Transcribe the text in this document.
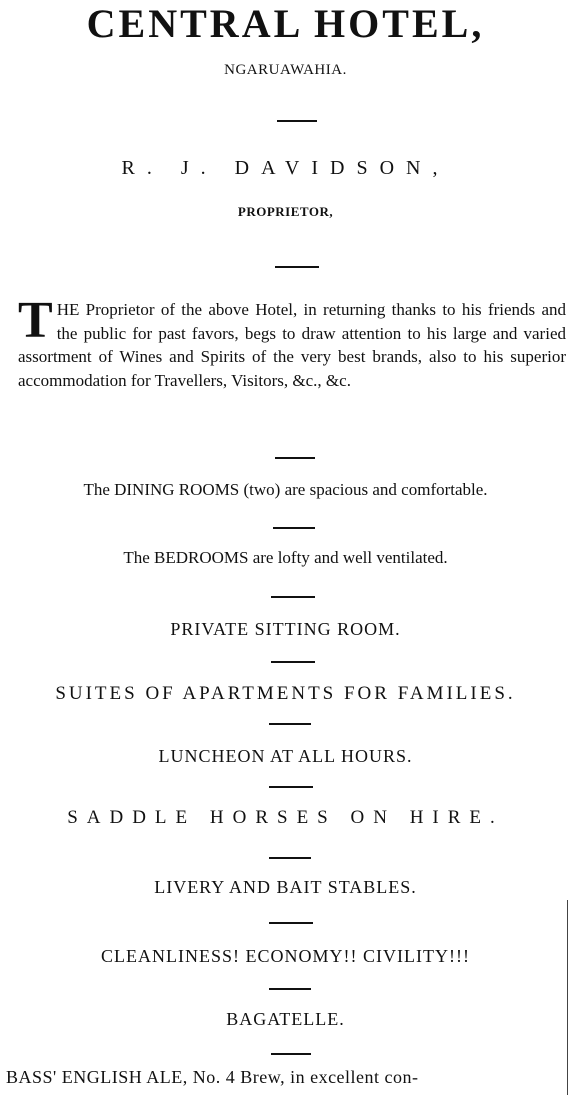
CENTRAL HOTEL,
NGARUAWAHIA.
R. J. DAVIDSON,
PROPRIETOR,
THE Proprietor of the above Hotel, in returning thanks to his friends and the public for past favors, begs to draw attention to his large and varied assortment of Wines and Spirits of the very best brands, also to his superior accommodation for Travellers, Visitors, &c., &c.
The DINING ROOMS (two) are spacious and comfortable.
The BEDROOMS are lofty and well ventilated.
PRIVATE SITTING ROOM.
SUITES OF APARTMENTS FOR FAMILIES.
LUNCHEON AT ALL HOURS.
SADDLE HORSES ON HIRE.
LIVERY AND BAIT STABLES.
CLEANLINESS! ECONOMY!! CIVILITY!!!
BAGATELLE.
BASS' ENGLISH ALE, No. 4 Brew, in excellent con-
